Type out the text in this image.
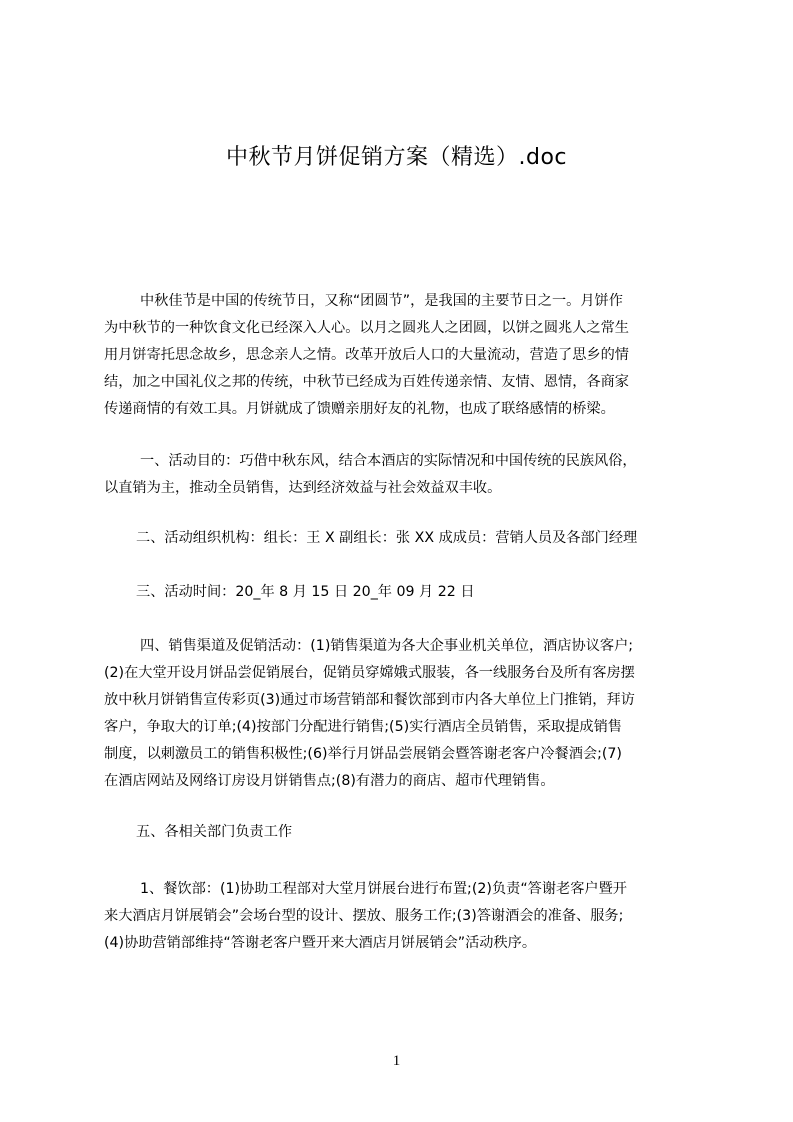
中秋节月饼促销方案（精选）.doc
中秋佳节是中国的传统节日，又称“团圆节”，是我国的主要节日之一。月饼作
为中秋节的一种饮食文化已经深入人心。以月之圆兆人之团圆，以饼之圆兆人之常生
用月饼寄托思念故乡，思念亲人之情。改革开放后人口的大量流动，营造了思乡的情
结，加之中国礼仪之邦的传统，中秋节已经成为百姓传递亲情、友情、恩情，各商家
传递商情的有效工具。月饼就成了馈赠亲朋好友的礼物，也成了联络感情的桥梁。
一、活动目的：巧借中秋东风，结合本酒店的实际情况和中国传统的民族风俗，
以直销为主，推动全员销售，达到经济效益与社会效益双丰收。
二、活动组织机构：组长：王 X 副组长：张 XX 成成员：营销人员及各部门经理
三、活动时间：20_年 8 月 15 日 20_年 09 月 22 日
四、销售渠道及促销活动：(1)销售渠道为各大企事业机关单位，酒店协议客户;
(2)在大堂开设月饼品尝促销展台，促销员穿嫦娥式服装，各一线服务台及所有客房摆
放中秋月饼销售宣传彩页(3)通过市场营销部和餐饮部到市内各大单位上门推销，拜访
客户，争取大的订单;(4)按部门分配进行销售;(5)实行酒店全员销售，采取提成销售
制度，以刺激员工的销售积极性;(6)举行月饼品尝展销会暨答谢老客户冷餐酒会;(7)
在酒店网站及网络订房设月饼销售点;(8)有潜力的商店、超市代理销售。
五、各相关部门负责工作
1、餐饮部：(1)协助工程部对大堂月饼展台进行布置;(2)负责“答谢老客户暨开
来大酒店月饼展销会”会场台型的设计、摆放、服务工作;(3)答谢酒会的准备、服务;
(4)协助营销部维持“答谢老客户暨开来大酒店月饼展销会”活动秩序。
1
